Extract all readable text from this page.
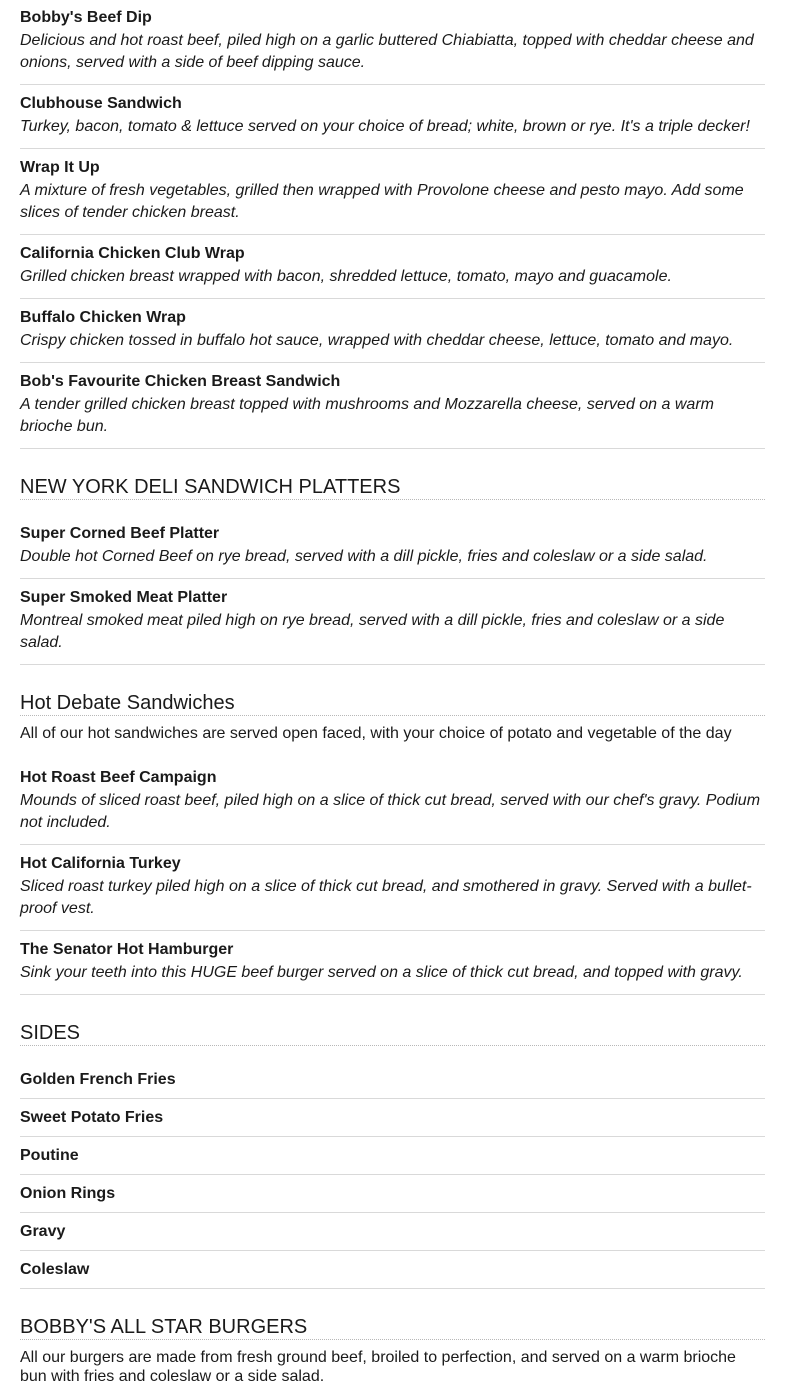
Bobby's Beef Dip

Delicious and hot roast beef, piled high on a garlic buttered Chiabiatta, topped with cheddar cheese and onions, served with a side of beef dipping sauce.

Clubhouse Sandwich

Turkey, bacon, tomato & lettuce served on your choice of bread; white, brown or rye. It's a triple decker!

Wrap It Up

A mixture of fresh vegetables, grilled then wrapped with Provolone cheese and pesto mayo. Add some slices of tender chicken breast.

California Chicken Club Wrap

Grilled chicken breast wrapped with bacon, shredded lettuce, tomato, mayo and guacamole.

Buffalo Chicken Wrap

Crispy chicken tossed in buffalo hot sauce, wrapped with cheddar cheese, lettuce, tomato and mayo.

Bob's Favourite Chicken Breast Sandwich

A tender grilled chicken breast topped with mushrooms and Mozzarella cheese, served on a warm brioche bun.

NEW YORK DELI SANDWICH PLATTERS
Super Corned Beef Platter

Double hot Corned Beef on rye bread, served with a dill pickle, fries and coleslaw or a side salad.

Super Smoked Meat Platter

Montreal smoked meat piled high on rye bread, served with a dill pickle, fries and coleslaw or a side salad.

Hot Debate Sandwiches

All of our hot sandwiches are served open faced, with your choice of potato and vegetable of the day

Hot Roast Beef Campaign

Mounds of sliced roast beef, piled high on a slice of thick cut bread, served with our chef's gravy. Podium not included.

Hot California Turkey

Sliced roast turkey piled high on a slice of thick cut bread, and smothered in gravy. Served with a bullet-proof vest.

The Senator Hot Hamburger

Sink your teeth into this HUGE beef burger served on a slice of thick cut bread, and topped with gravy.

SIDES
Golden French Fries
Sweet Potato Fries
Poutine
Onion Rings
Gravy
Coleslaw
BOBBY'S ALL STAR BURGERS

All our burgers are made from fresh ground beef, broiled to perfection, and served on a warm brioche bun with fries and coleslaw or a side salad.
